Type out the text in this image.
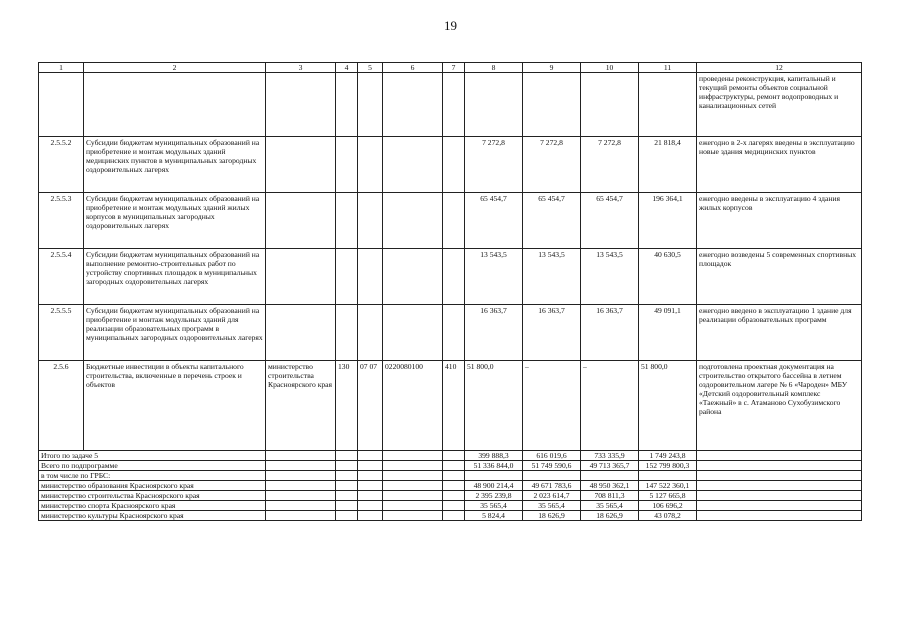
19
1	2	3	4	5	6	7	8	9	10	11	12
											проведены реконструкция, капитальный и текущий ремонты объектов социальной инфраструктуры, ремонт водопроводных и канализационных сетей
2.5.5.2	Субсидии бюджетам муниципальных образований на приобретение и монтаж модульных зданий медицинских пунктов в муниципальных загородных оздоровительных лагерях						7 272,8	7 272,8	7 272,8	21 818,4	ежегодно в 2-х лагерях введены в эксплуатацию новые здания медицинских пунктов
2.5.5.3	Субсидии бюджетам муниципальных образований на приобретение и монтаж модульных зданий жилых корпусов в муниципальных загородных оздоровительных лагерях						65 454,7	65 454,7	65 454,7	196 364,1	ежегодно введены в эксплуатацию 4 здания жилых корпусов
2.5.5.4	Субсидии бюджетам муниципальных образований на выполнение ремонтно-строительных работ по устройству спортивных площадок в муниципальных загородных оздоровительных лагерях						13 543,5	13 543,5	13 543,5	40 630,5	ежегодно возведены 5 современных спортивных площадок
2.5.5.5	Субсидии бюджетам муниципальных образований на приобретение и монтаж модульных зданий для реализации образовательных программ в муниципальных загородных оздоровительных лагерях						16 363,7	16 363,7	16 363,7	49 091,1	ежегодно введено в эксплуатацию 1 здание для реализации образовательных программ
2.5.6	Бюджетные инвестиции в объекты капитального строительства, включенные в перечень строек и объектов	министерство строительства Красноярского края	130	07 07	0220080100	410	51 800,0	–	–	51 800,0	подготовлена проектная документация на строительство открытого бассейна в летнем оздоровительном лагере № 6 «Чароден» МБУ «Детский оздоровительный комплекс «Таежный» в с. Атаманово Сухобузимского района
Итого по задаче 5							399 888,3	616 019,6	733 335,9	1 749 243,8	
Всего по подпрограмме							51 336 844,0	51 749 590,6	49 713 365,7	152 799 800,3	
в том числе по ГРБС:											
министерство образования Красноярского края							48 900 214,4	49 671 783,6	48 950 362,1	147 522 360,1	
министерство строительства Красноярского края							2 395 239,8	2 023 614,7	708 811,3	5 127 665,8	
министерство спорта Красноярского края							35 565,4	35 565,4	35 565,4	106 696,2	
министерство культуры Красноярского края							5 824,4	18 626,9	18 626,9	43 078,2	
